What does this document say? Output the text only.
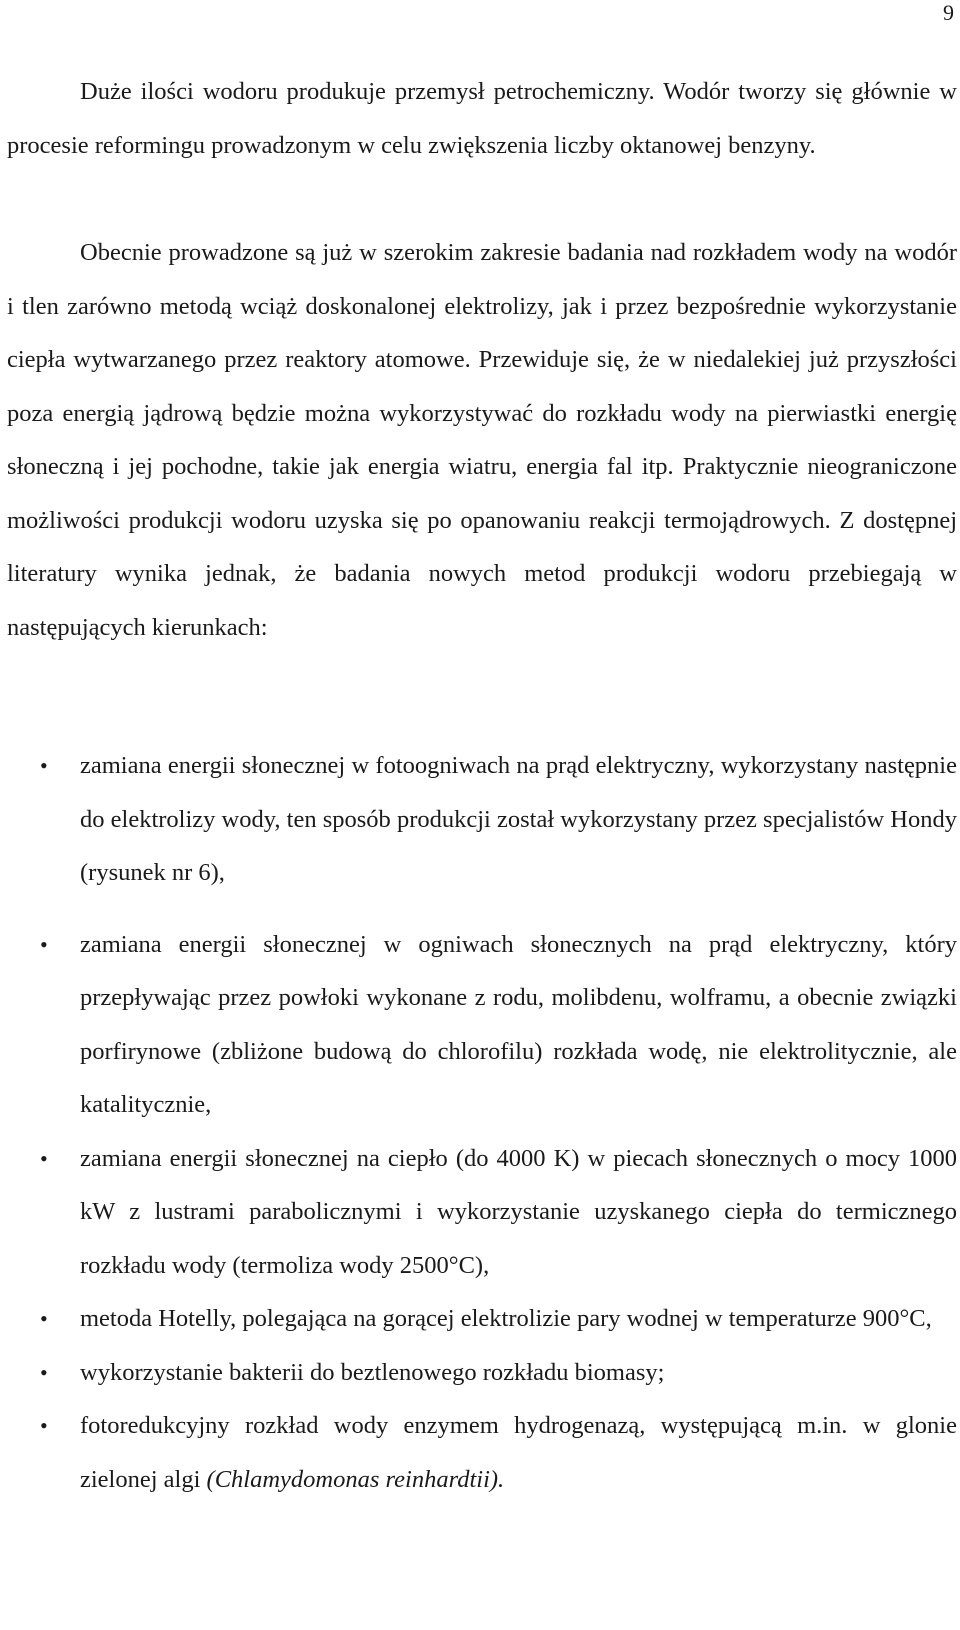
9

Duże ilości wodoru produkuje przemysł petrochemiczny. Wodór tworzy się głównie w procesie reformingu prowadzonym w celu zwiększenia liczby oktanowej benzyny.

Obecnie prowadzone są już w szerokim zakresie badania nad rozkładem wody na wodór i tlen zarówno metodą wciąż doskonalonej elektrolizy, jak i przez bezpośrednie wykorzystanie ciepła wytwarzanego przez reaktory atomowe. Przewiduje się, że w niedalekiej już przyszłości poza energią jądrową będzie można wykorzystywać do rozkładu wody na pierwiastki energię słoneczną i jej pochodne, takie jak energia wiatru, energia fal itp. Praktycznie nieograniczone możliwości produkcji wodoru uzyska się po opanowaniu reakcji termojądrowych. Z dostępnej literatury wynika jednak, że badania nowych metod produkcji wodoru przebiegają w następujących kierunkach:

• zamiana energii słonecznej w fotoogniwach na prąd elektryczny, wykorzystany następnie do elektrolizy wody, ten sposób produkcji został wykorzystany przez specjalistów Hondy (rysunek nr 6),
• zamiana energii słonecznej w ogniwach słonecznych na prąd elektryczny, który przepływając przez powłoki wykonane z rodu, molibdenu, wolframu, a obecnie związki porfirynowe (zbliżone budową do chlorofilu) rozkłada wodę, nie elektrolitycznie, ale katalitycznie,
• zamiana energii słonecznej na ciepło (do 4000 K) w piecach słonecznych o mocy 1000 kW z lustrami parabolicznymi i wykorzystanie uzyskanego ciepła do termicznego rozkładu wody (termoliza wody 2500°C),
• metoda Hotelly, polegająca na gorącej elektrolizie pary wodnej w temperaturze 900°C,
• wykorzystanie bakterii do beztlenowego rozkładu biomasy;
• fotoredukcyjny rozkład wody enzymem hydrogenazą, występującą m.in. w glonie zielonej algi (Chlamydomonas reinhardtii).
